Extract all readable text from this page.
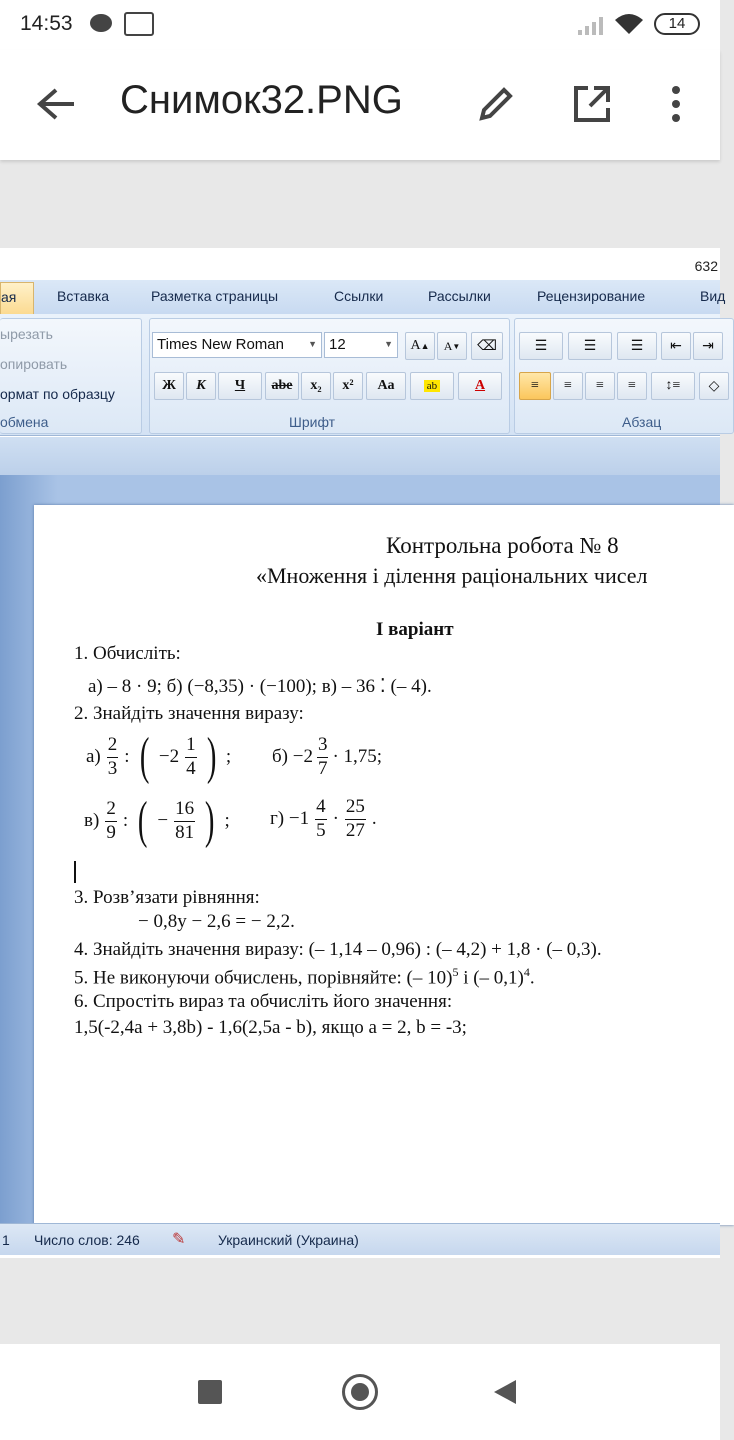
14:53	14
Снимок32.PNG
632
ая	Вставка	Разметка страницы	Ссылки	Рассылки	Рецензирование	Вид
ырезать
опировать
ормат по образцу
обмена
Times New Roman	▼ 12	▼	A ▲ A ▼	⌫
Ж	К	Ч	abe	x₂	x²	Aa	ab	A
Шрифт
☰	☰	☰	⇤	⇥
≡	≡	≡	≡	↕≡	◇
Абзац
Контрольна робота № 8
«Множення і ділення раціональних чисел
І варіант
1. Обчисліть:
а) – 8 · 9; б) (−8,35) · (−100); в) – 36 ⁚ (– 4).
2. Знайдіть значення виразу:
$а) \frac{2}{3}$ : ( $-2 \frac{1}{4}$ ) ; $б) -2 \frac{3}{7} \cdot 1,75$;
$в) \frac{2}{9}$ : ( − $\frac{16}{81}$ ) ; $г) -1 \frac{4}{5} \cdot \frac{25}{27}$ .
3. Розв’язати рівняння:
− 0,8y − 2,6 = − 2,2.
4. Знайдіть значення виразу: (– 1,14 – 0,96) : (– 4,2) + 1,8 · (– 0,3).
5. Не виконуючи обчислень, порівняйте: (– 10)$^5$ і (– 0,1)$^4$.
6. Спростіть вираз та обчисліть його значення:
1,5(-2,4a + 3,8b) - 1,6(2,5a - b), якщо a = 2, b = -3;
1 Число слов: 246 ✎ Украинский (Украина)
